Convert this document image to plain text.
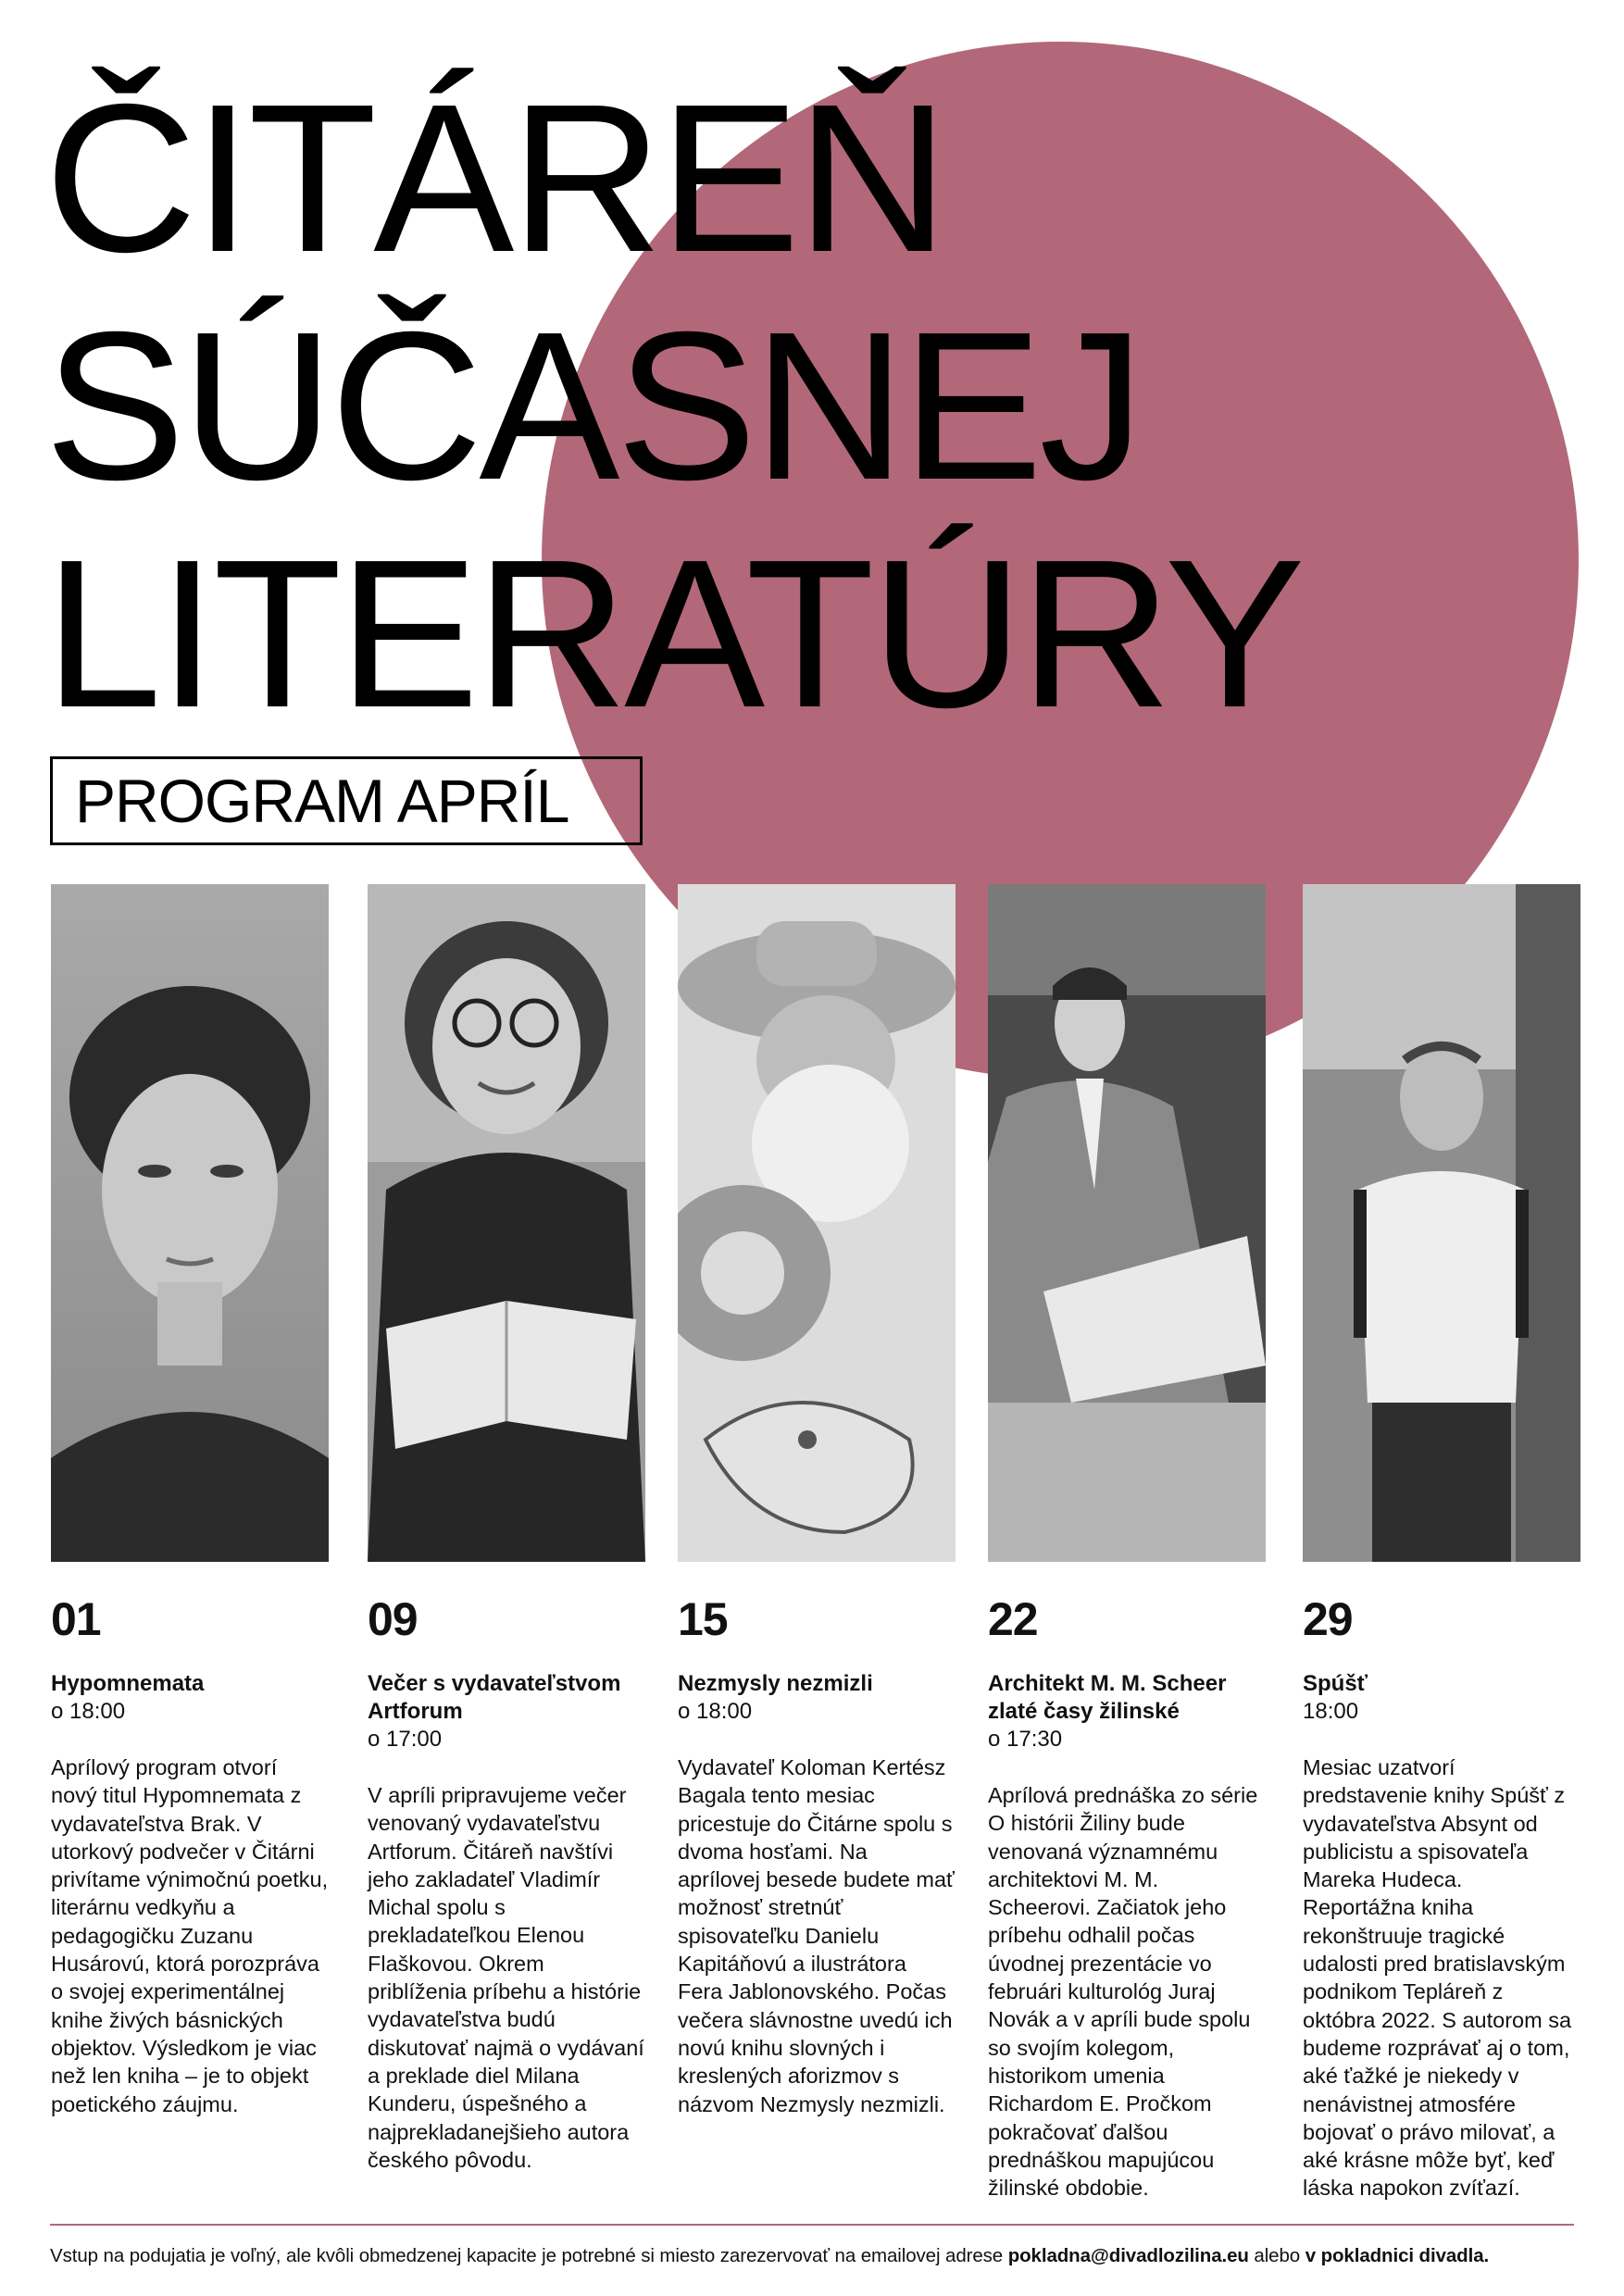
ČITÁREŇ
SÚČASNEJ
LITERATÚRY
PROGRAM APRÍL
01
Hypomnemata
o 18:00
Aprílový program otvorí nový titul Hypomnemata z vydavateľstva Brak. V utorkový podvečer v Čitárni privítame výnimočnú poetku, literárnu vedkyňu a pedagogičku Zuzanu Husárovú, ktorá porozpráva o svojej experimentálnej knihe živých básnických objektov. Výsledkom je viac než len kniha – je to objekt poetického záujmu.
09
Večer s vydavateľstvom Artforum
o 17:00
V apríli pripravujeme večer venovaný vydavateľstvu Artforum. Čitáreň navštívi jeho zakladateľ Vladimír Michal spolu s prekladateľkou Elenou Flaškovou. Okrem priblíženia príbehu a histórie vydavateľstva budú diskutovať najmä o vydávaní a preklade diel Milana Kunderu, úspešného a najprekladanejšieho autora českého pôvodu.
15
Nezmysly nezmizli
o 18:00
Vydavateľ Koloman Kertész Bagala tento mesiac pricestuje do Čitárne spolu s dvoma hosťami. Na aprílovej besede budete mať možnosť stretnúť spisovateľku Danielu Kapitáňovú a ilustrátora Fera Jablonovského. Počas večera slávnostne uvedú ich novú knihu slovných i kreslených aforizmov s názvom Nezmysly nezmizli.
22
Architekt M. M. Scheer zlaté časy žilinské
o 17:30
Aprílová prednáška zo série O histórii Žiliny bude venovaná významnému architektovi M. M. Scheerovi. Začiatok jeho príbehu odhalil počas úvodnej prezentácie vo februári kulturológ Juraj Novák a v apríli bude spolu so svojím kolegom, historikom umenia Richardom E. Pročkom pokračovať ďalšou prednáškou mapujúcou žilinské obdobie.
29
Spúšť
18:00
Mesiac uzatvorí predstavenie knihy Spúšť z vydavateľstva Absynt od publicistu a spisovateľa Mareka Hudeca. Reportážna kniha rekonštruuje tragické udalosti pred bratislavským podnikom Tepláreň z októbra 2022. S autorom sa budeme rozprávať aj o tom, aké ťažké je niekedy v nenávistnej atmosfére bojovať o právo milovať, a aké krásne môže byť, keď láska napokon zvíťazí.
Vstup na podujatia je voľný, ale kvôli obmedzenej kapacite je potrebné si miesto zarezervovať na emailovej adrese pokladna@divadlozilina.eu alebo v pokladnici divadla.
